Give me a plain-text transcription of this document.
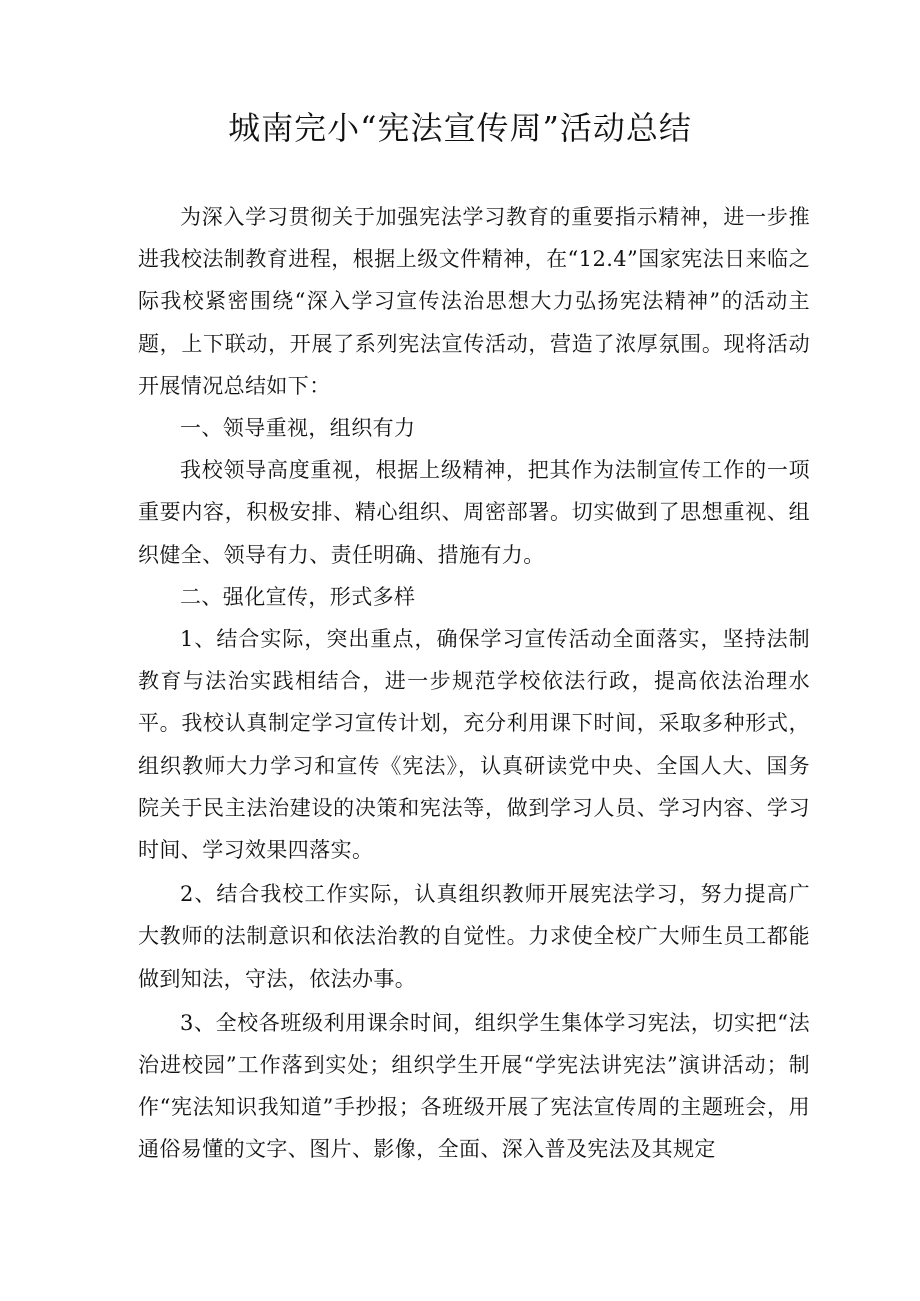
城南完小“宪法宣传周”活动总结

为深入学习贯彻关于加强宪法学习教育的重要指示精神，进一步推进我校法制教育进程，根据上级文件精神，在“12.4”国家宪法日来临之际我校紧密围绕“深入学习宣传法治思想大力弘扬宪法精神”的活动主题，上下联动，开展了系列宪法宣传活动，营造了浓厚氛围。现将活动开展情况总结如下：

一、领导重视，组织有力

我校领导高度重视，根据上级精神，把其作为法制宣传工作的一项重要内容，积极安排、精心组织、周密部署。切实做到了思想重视、组织健全、领导有力、责任明确、措施有力。

二、强化宣传，形式多样

1、结合实际，突出重点，确保学习宣传活动全面落实，坚持法制教育与法治实践相结合，进一步规范学校依法行政，提高依法治理水平。我校认真制定学习宣传计划，充分利用课下时间，采取多种形式，组织教师大力学习和宣传《宪法》，认真研读党中央、全国人大、国务院关于民主法治建设的决策和宪法等，做到学习人员、学习内容、学习时间、学习效果四落实。

2、结合我校工作实际，认真组织教师开展宪法学习，努力提高广大教师的法制意识和依法治教的自觉性。力求使全校广大师生员工都能做到知法，守法，依法办事。

3、全校各班级利用课余时间，组织学生集体学习宪法，切实把“法治进校园”工作落到实处；组织学生开展“学宪法讲宪法”演讲活动；制作“宪法知识我知道”手抄报；各班级开展了宪法宣传周的主题班会，用通俗易懂的文字、图片、影像，全面、深入普及宪法及其规定
